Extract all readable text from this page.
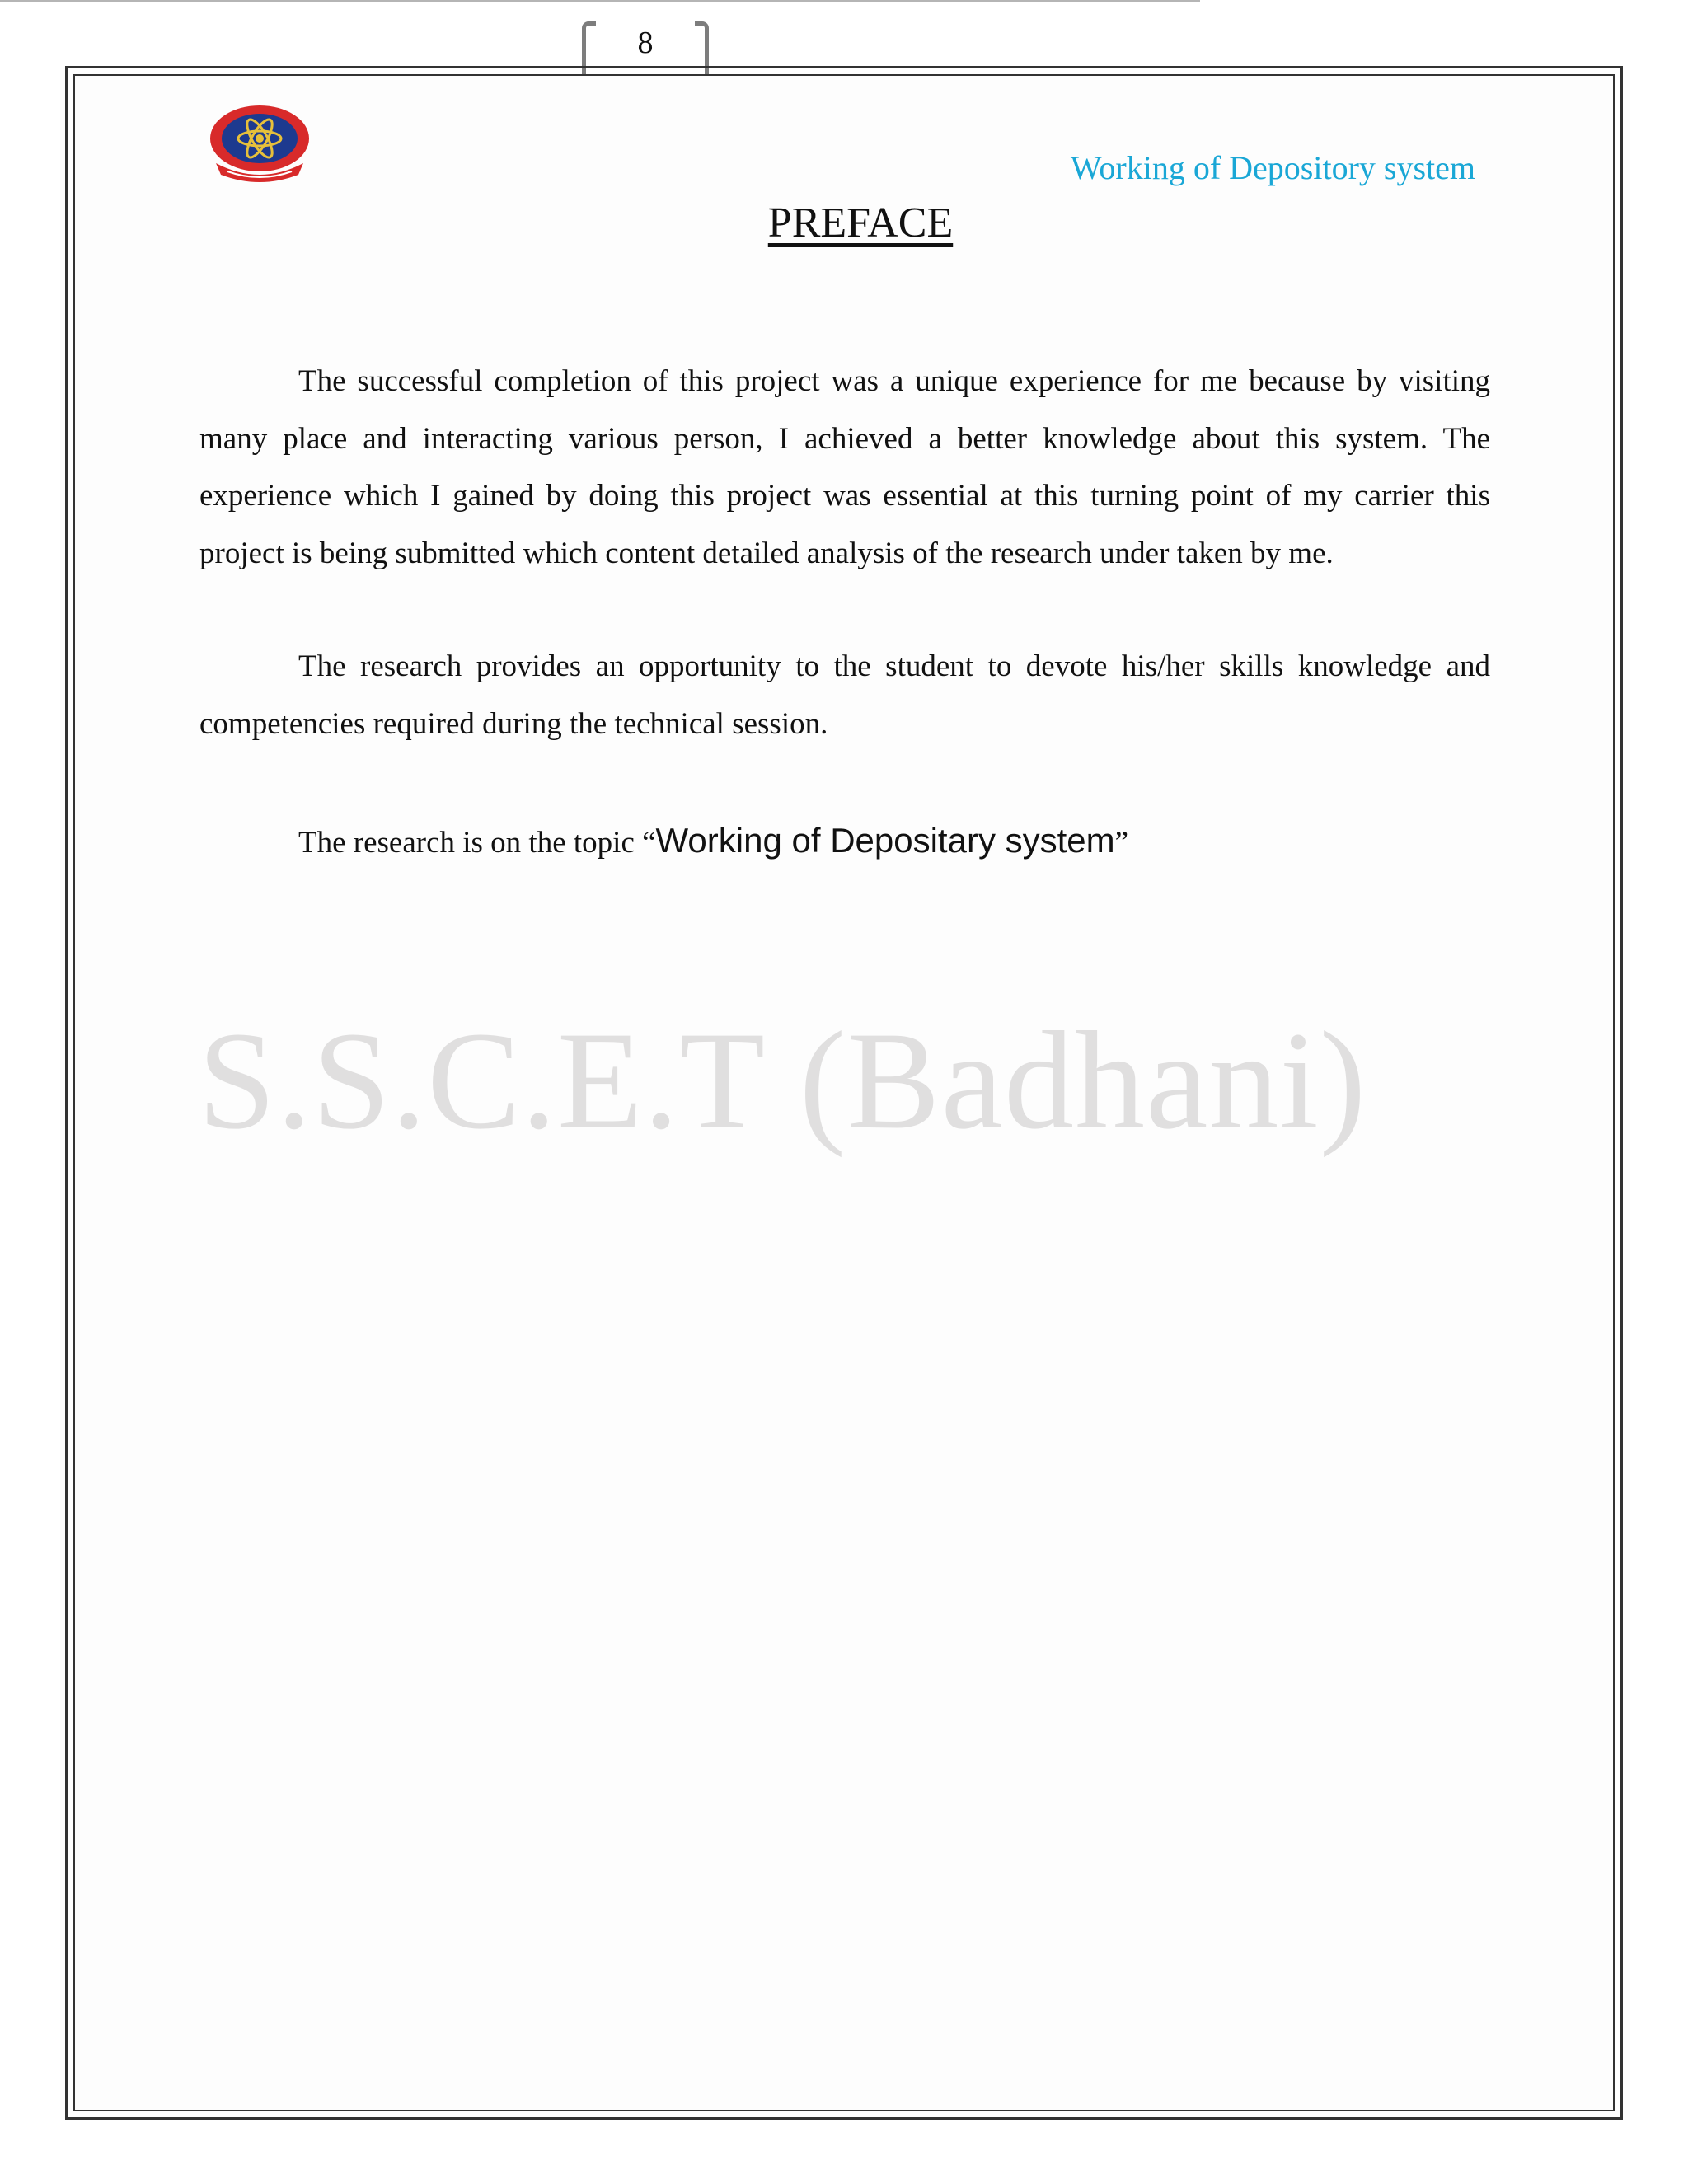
8
Working of Depository system
PREFACE

The successful completion of this project was a unique experience for me because by visiting many place and interacting various person, I achieved a better knowledge about this system. The experience which I gained by doing this project was essential at this turning point of my carrier this project is being submitted which content detailed analysis of the research under taken by me.

The research provides an opportunity to the student to devote his/her skills knowledge and competencies required during the technical session.

The research is on the topic “Working of Depositary system”
S.S.C.E.T (Badhani)
